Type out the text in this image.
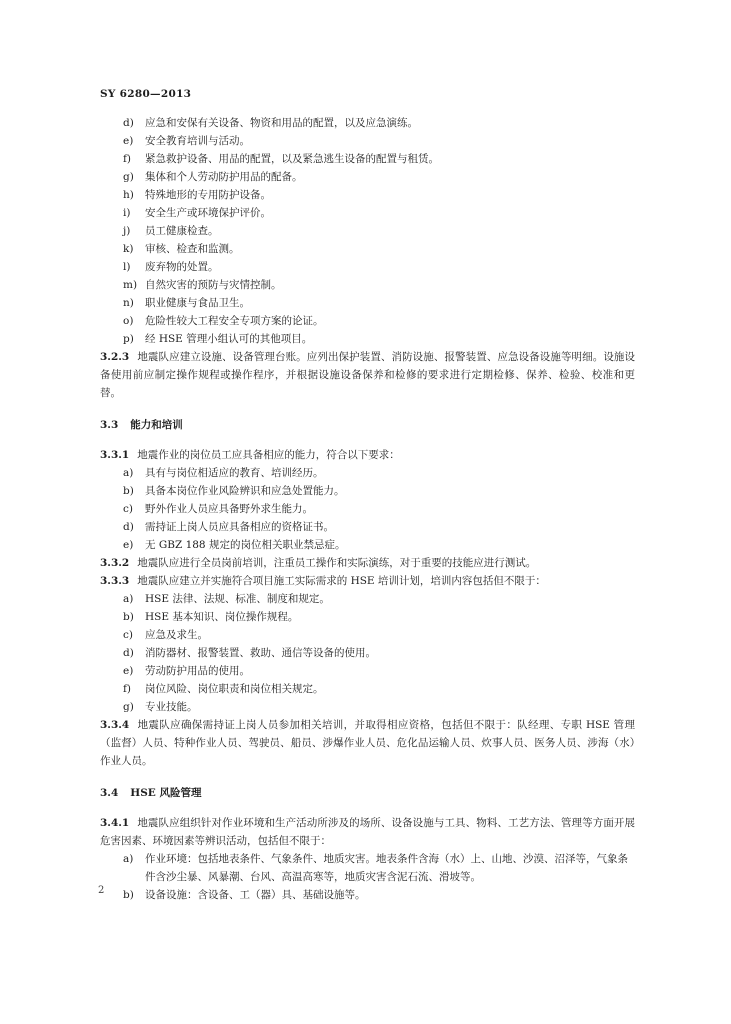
SY 6280—2013
d) 应急和安保有关设备、物资和用品的配置，以及应急演练。
e) 安全教育培训与活动。
f) 紧急救护设备、用品的配置，以及紧急逃生设备的配置与租赁。
g) 集体和个人劳动防护用品的配备。
h) 特殊地形的专用防护设备。
i) 安全生产或环境保护评价。
j) 员工健康检查。
k) 审核、检查和监测。
l) 废弃物的处置。
m) 自然灾害的预防与灾情控制。
n) 职业健康与食品卫生。
o) 危险性较大工程安全专项方案的论证。
p) 经 HSE 管理小组认可的其他项目。

3.2.3 地震队应建立设施、设备管理台账。应列出保护装置、消防设施、报警装置、应急设备设施等明细。设施设备使用前应制定操作规程或操作程序，并根据设施设备保养和检修的要求进行定期检修、保养、检验、校准和更替。

3.3 能力和培训

3.3.1 地震作业的岗位员工应具备相应的能力，符合以下要求：

a) 具有与岗位相适应的教育、培训经历。
b) 具备本岗位作业风险辨识和应急处置能力。
c) 野外作业人员应具备野外求生能力。
d) 需持证上岗人员应具备相应的资格证书。
e) 无 GBZ 188 规定的岗位相关职业禁忌症。

3.3.2 地震队应进行全员岗前培训，注重员工操作和实际演练，对于重要的技能应进行测试。

3.3.3 地震队应建立并实施符合项目施工实际需求的 HSE 培训计划，培训内容包括但不限于：

a) HSE 法律、法规、标准、制度和规定。
b) HSE 基本知识、岗位操作规程。
c) 应急及求生。
d) 消防器材、报警装置、救助、通信等设备的使用。
e) 劳动防护用品的使用。
f) 岗位风险、岗位职责和岗位相关规定。
g) 专业技能。

3.3.4 地震队应确保需持证上岗人员参加相关培训，并取得相应资格，包括但不限于：队经理、专职 HSE 管理（监督）人员、特种作业人员、驾驶员、船员、涉爆作业人员、危化品运输人员、炊事人员、医务人员、涉海（水）作业人员。

3.4 HSE 风险管理

3.4.1 地震队应组织针对作业环境和生产活动所涉及的场所、设备设施与工具、物料、工艺方法、管理等方面开展危害因素、环境因素等辨识活动，包括但不限于：

a) 作业环境：包括地表条件、气象条件、地质灾害。地表条件含海（水）上、山地、沙漠、沼泽等，气象条件含沙尘暴、风暴潮、台风、高温高寒等，地质灾害含泥石流、滑坡等。
b) 设备设施：含设备、工（器）具、基础设施等。
2
